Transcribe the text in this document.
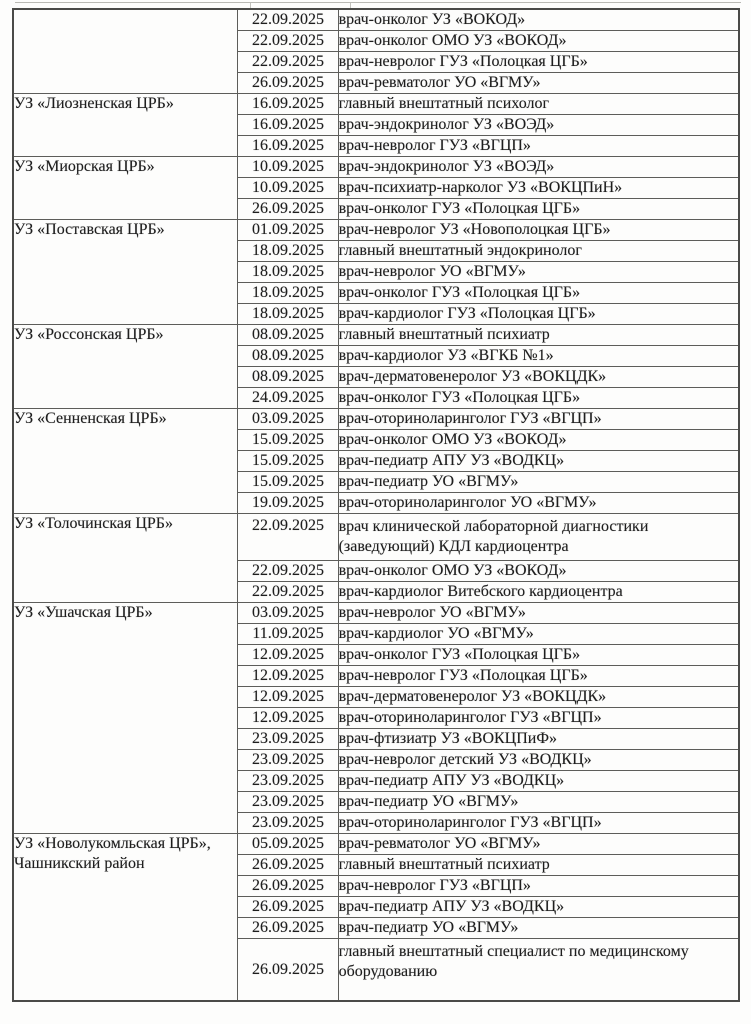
	22.09.2025	врач-онколог УЗ «ВОКОД»
	22.09.2025	врач-онколог ОМО УЗ «ВОКОД»
	22.09.2025	врач-невролог ГУЗ «Полоцкая ЦГБ»
	26.09.2025	врач-ревматолог УО «ВГМУ»
УЗ «Лиозненская ЦРБ»	16.09.2025	главный внештатный психолог
	16.09.2025	врач-эндокринолог УЗ «ВОЭД»
	16.09.2025	врач-невролог ГУЗ «ВГЦП»
УЗ «Миорская ЦРБ»	10.09.2025	врач-эндокринолог УЗ «ВОЭД»
	10.09.2025	врач-психиатр-нарколог УЗ «ВОКЦПиН»
	26.09.2025	врач-онколог ГУЗ «Полоцкая ЦГБ»
УЗ «Поставская ЦРБ»	01.09.2025	врач-невролог УЗ «Новополоцкая ЦГБ»
	18.09.2025	главный внештатный эндокринолог
	18.09.2025	врач-невролог УО «ВГМУ»
	18.09.2025	врач-онколог ГУЗ «Полоцкая ЦГБ»
	18.09.2025	врач-кардиолог ГУЗ «Полоцкая ЦГБ»
УЗ «Россонская ЦРБ»	08.09.2025	главный внештатный психиатр
	08.09.2025	врач-кардиолог УЗ «ВГКБ №1»
	08.09.2025	врач-дерматовенеролог УЗ «ВОКЦДК»
	24.09.2025	врач-онколог ГУЗ «Полоцкая ЦГБ»
УЗ «Сенненская ЦРБ»	03.09.2025	врач-оториноларинголог ГУЗ «ВГЦП»
	15.09.2025	врач-онколог ОМО УЗ «ВОКОД»
	15.09.2025	врач-педиатр АПУ УЗ «ВОДКЦ»
	15.09.2025	врач-педиатр УО «ВГМУ»
	19.09.2025	врач-оториноларинголог УО «ВГМУ»
УЗ «Толочинская ЦРБ»	22.09.2025	врач клинической лабораторной диагностики (заведующий) КДЛ кардиоцентра
	22.09.2025	врач-онколог ОМО УЗ «ВОКОД»
	22.09.2025	врач-кардиолог Витебского кардиоцентра
УЗ «Ушачская ЦРБ»	03.09.2025	врач-невролог УО «ВГМУ»
	11.09.2025	врач-кардиолог УО «ВГМУ»
	12.09.2025	врач-онколог ГУЗ «Полоцкая ЦГБ»
	12.09.2025	врач-невролог ГУЗ «Полоцкая ЦГБ»
	12.09.2025	врач-дерматовенеролог УЗ «ВОКЦДК»
	12.09.2025	врач-оториноларинголог ГУЗ «ВГЦП»
	23.09.2025	врач-фтизиатр УЗ «ВОКЦПиФ»
	23.09.2025	врач-невролог детский УЗ «ВОДКЦ»
	23.09.2025	врач-педиатр АПУ УЗ «ВОДКЦ»
	23.09.2025	врач-педиатр УО «ВГМУ»
	23.09.2025	врач-оториноларинголог ГУЗ «ВГЦП»
УЗ «Новолукомльская ЦРБ», Чашникский район	05.09.2025	врач-ревматолог УО «ВГМУ»
	26.09.2025	главный внештатный психиатр
	26.09.2025	врач-невролог ГУЗ «ВГЦП»
	26.09.2025	врач-педиатр АПУ УЗ «ВОДКЦ»
	26.09.2025	врач-педиатр УО «ВГМУ»
	26.09.2025	главный внештатный специалист по медицинскому оборудованию
